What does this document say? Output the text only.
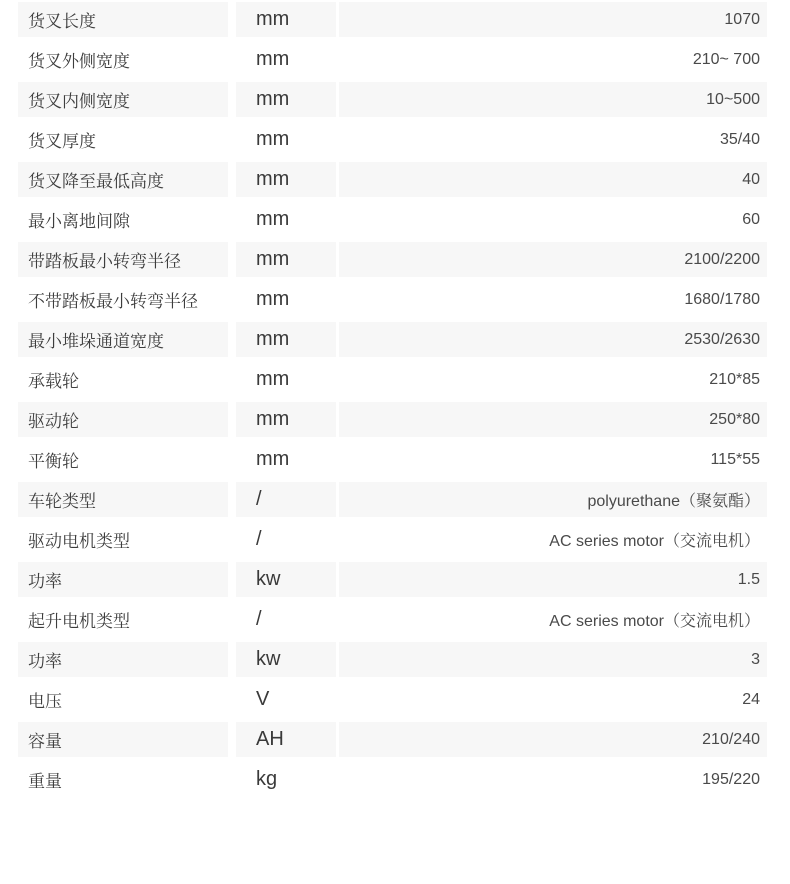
货叉长度	mm	1070
货叉外侧宽度	mm	210~ 700
货叉内侧宽度	mm	10~500
货叉厚度	mm	35/40
货叉降至最低高度	mm	40
最小离地间隙	mm	60
带踏板最小转弯半径	mm	2100/2200
不带踏板最小转弯半径	mm	1680/1780
最小堆垛通道宽度	mm	2530/2630
承载轮	mm	210*85
驱动轮	mm	250*80
平衡轮	mm	115*55
车轮类型	/	polyurethane（聚氨酯）
驱动电机类型	/	AC series motor（交流电机）
功率	kw	1.5
起升电机类型	/	AC series motor（交流电机）
功率	kw	3
电压	V	24
容量	AH	210/240
重量	kg	195/220
